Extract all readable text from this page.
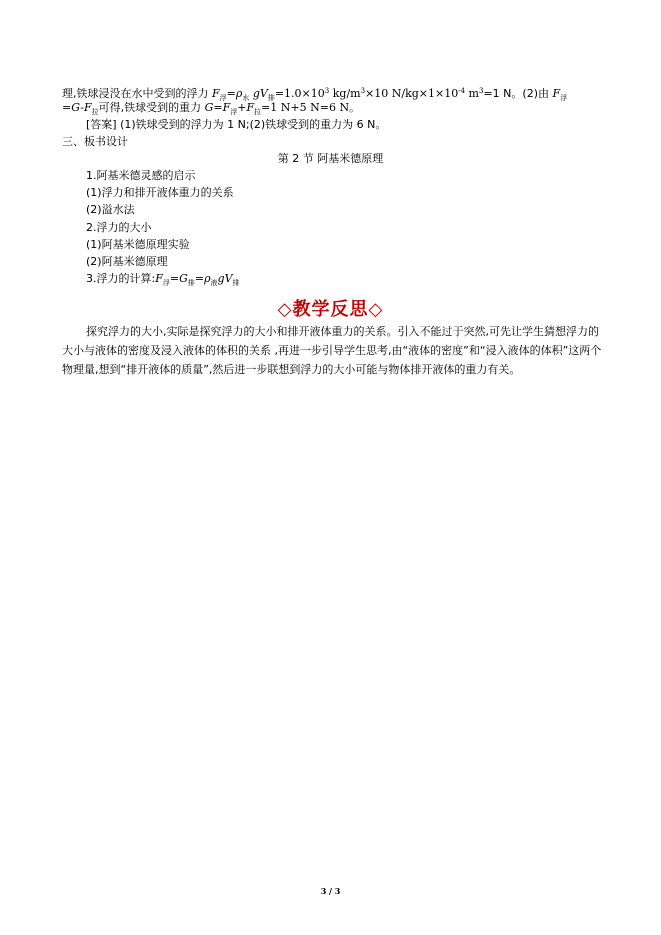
理,铁球浸没在水中受到的浮力 $F_浮=\rho_水$ $gV_排=1.0\times 10^3$ $kg/m^3\times 10$ $N/kg\times 1\times 10^{-4}$ $m^3=1$ N。(2)由 $F_浮$
$=G-F_拉$可得,铁球受到的重力 $G=F_浮+F_拉=1$ N+5 N=6 N。
[答案] (1)铁球受到的浮力为 1 N;(2)铁球受到的重力为 6 N。
三、板书设计
第 2 节 阿基米德原理
1.阿基米德灵感的启示
(1)浮力和排开液体重力的关系
(2)溢水法
2.浮力的大小
(1)阿基米德原理实验
(2)阿基米德原理
3.浮力的计算$:F_浮=G_排=\rho_液gV_排$
◇教学反思◇
探究浮力的大小,实际是探究浮力的大小和排开液体重力的关系。引入不能过于突然,可先让学生猜想浮力的大小与液体的密度及浸入液体的体积的关系 ,再进一步引导学生思考,由“液体的密度”和“浸入液体的体积”这两个物理量,想到“排开液体的质量”,然后进一步联想到浮力的大小可能与物体排开液体的重力有关。
3 / 3
